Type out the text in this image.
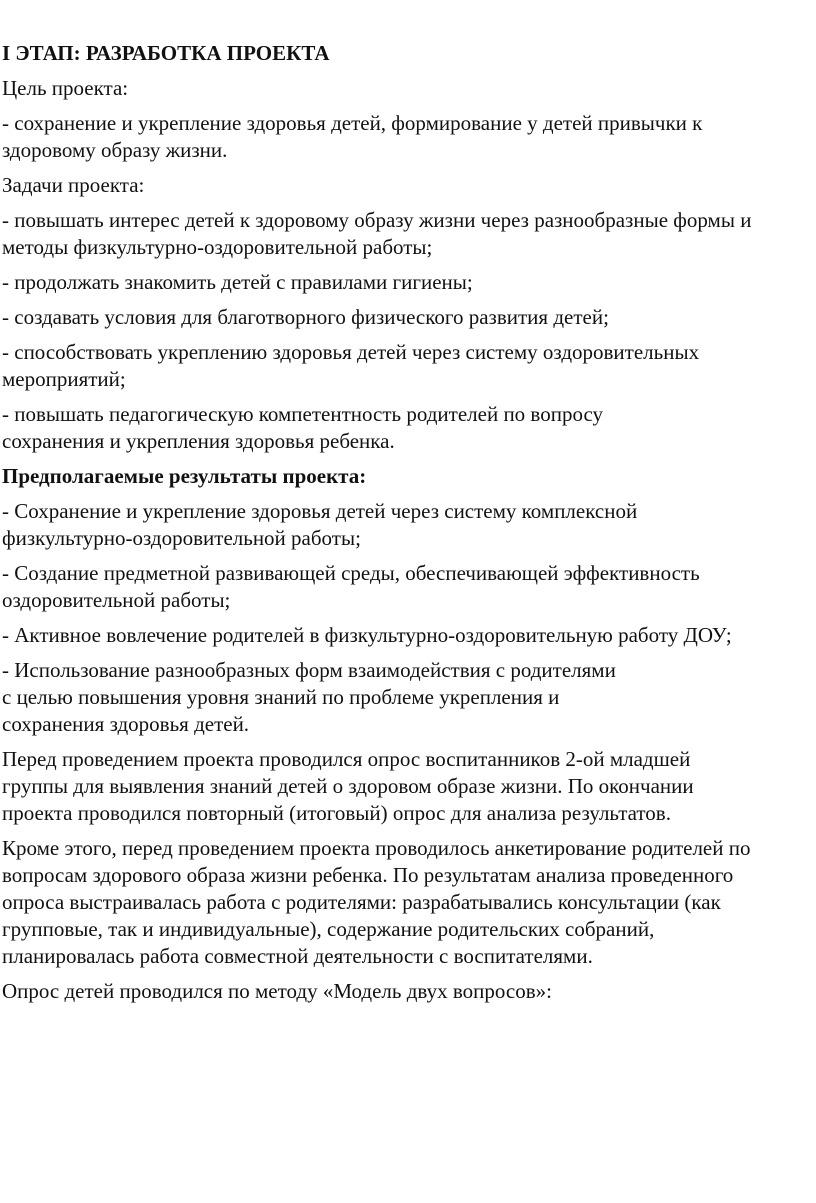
I ЭТАП: РАЗРАБОТКА ПРОЕКТА
Цель проекта:
- сохранение и укрепление здоровья детей, формирование у детей привычки к
здоровому образу жизни.
Задачи проекта:
- повышать интерес детей к здоровому образу жизни через разнообразные формы и
методы физкультурно-оздоровительной работы;
- продолжать знакомить детей с правилами гигиены;
- создавать условия для благотворного физического развития детей;
- способствовать укреплению здоровья детей через систему оздоровительных
мероприятий;
- повышать педагогическую компетентность родителей по вопросу
сохранения и укрепления здоровья ребенка.
Предполагаемые результаты проекта:
- Сохранение и укрепление здоровья детей через систему комплексной
физкультурно-оздоровительной работы;
- Создание предметной развивающей среды, обеспечивающей эффективность
оздоровительной работы;
- Активное вовлечение родителей в физкультурно-оздоровительную работу ДОУ;
- Использование разнообразных форм взаимодействия с родителями
с целью повышения уровня знаний по проблеме укрепления и
сохранения здоровья детей.
Перед проведением проекта проводился опрос воспитанников 2-ой младшей
группы для выявления знаний детей о здоровом образе жизни. По окончании
проекта проводился повторный (итоговый) опрос для анализа результатов.
Кроме этого, перед проведением проекта проводилось анкетирование родителей по
вопросам здорового образа жизни ребенка. По результатам анализа проведенного
опроса выстраивалась работа с родителями: разрабатывались консультации (как
групповые, так и индивидуальные), содержание родительских собраний,
планировалась работа совместной деятельности с воспитателями.
Опрос детей проводился по методу «Модель двух вопросов»:
